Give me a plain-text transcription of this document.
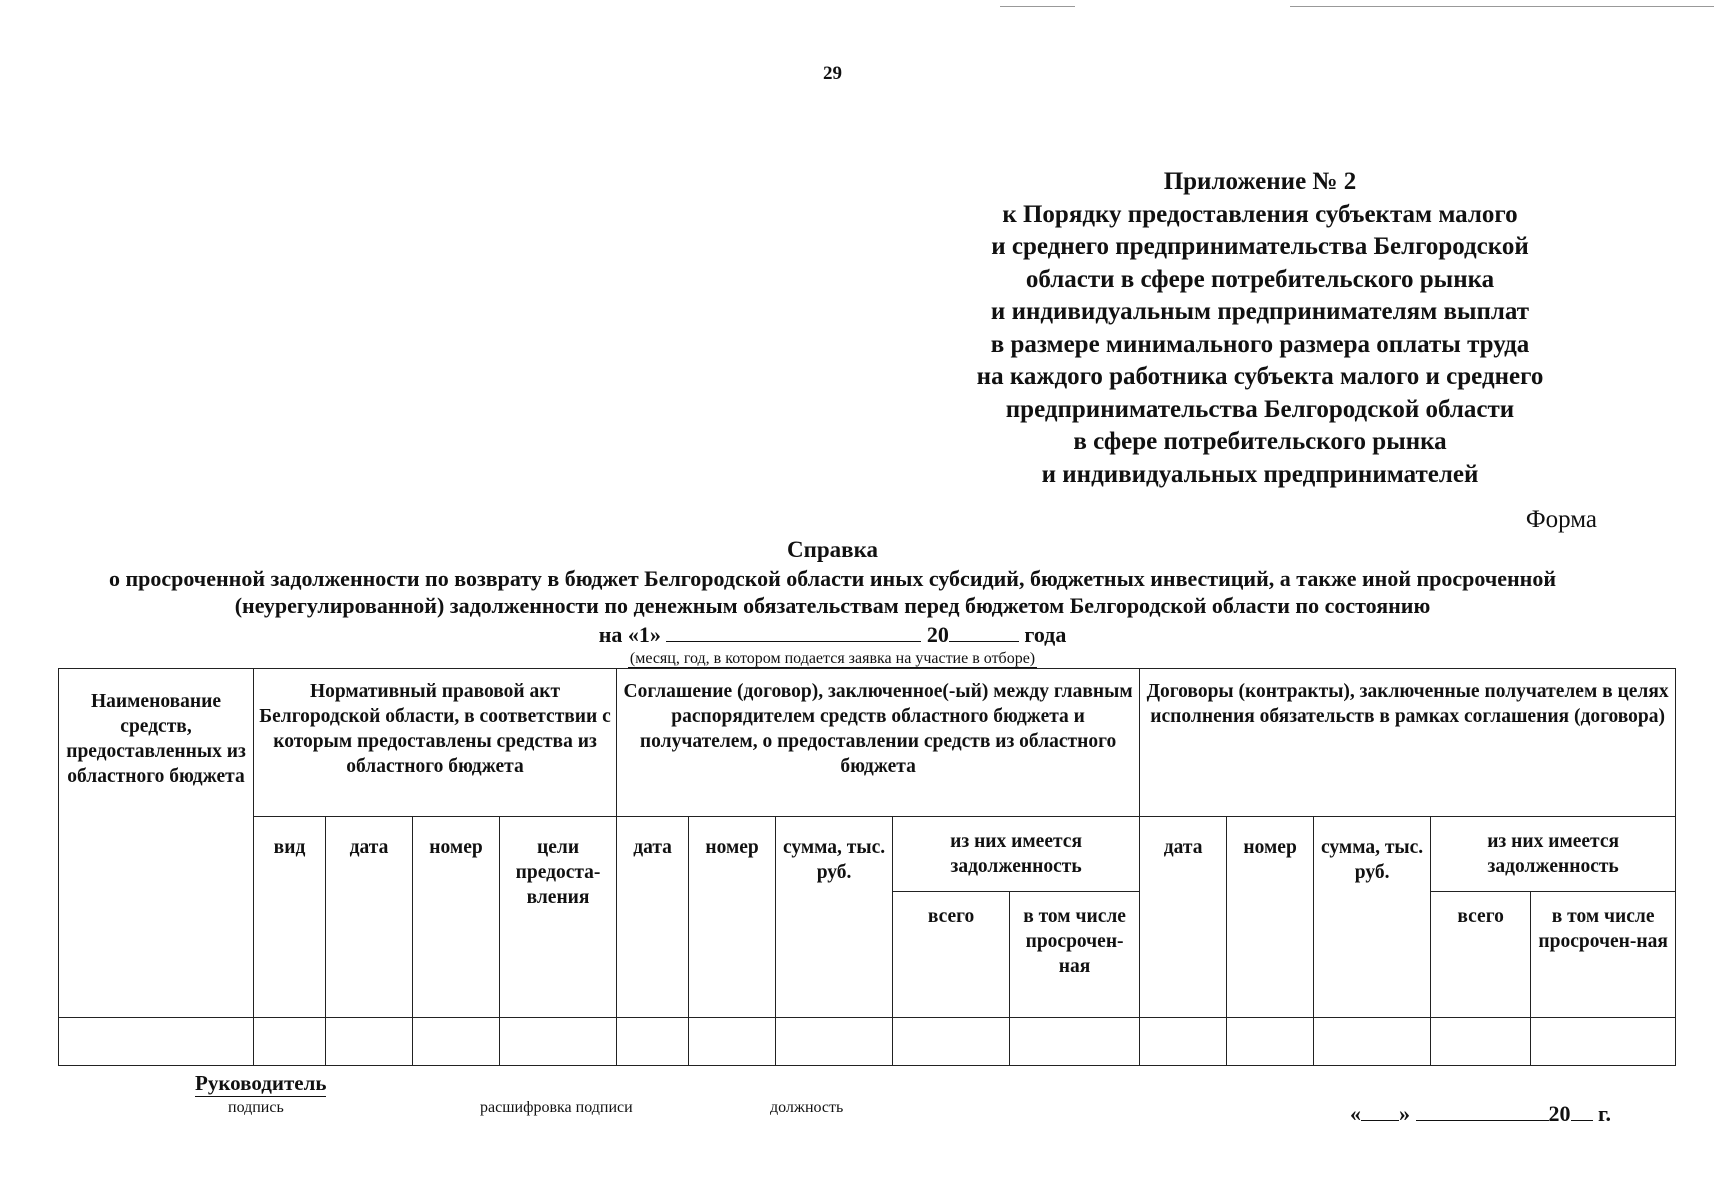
29
Приложение № 2
к Порядку предоставления субъектам малого
и среднего предпринимательства Белгородской
области в сфере потребительского рынка
и индивидуальным предпринимателям выплат
в размере минимального размера оплаты труда
на каждого работника субъекта малого и среднего
предпринимательства Белгородской области
в сфере потребительского рынка
и индивидуальных предпринимателей
Форма
Справка
о просроченной задолженности по возврату в бюджет Белгородской области иных субсидий, бюджетных инвестиций, а также иной просроченной (неурегулированной) задолженности по денежным обязательствам перед бюджетом Белгородской области по состоянию
на «1»	20	года
(месяц, год, в котором подается заявка на участие в отборе)
Наименование средств, предоставленных из областного бюджета	Нормативный правовой акт Белгородской области, в соответствии с которым предоставлены средства из областного бюджета				Соглашение (договор), заключенное(-ый) между главным распорядителем средств областного бюджета и получателем, о предоставлении средств из областного бюджета					Договоры (контракты), заключенные получателем в целях исполнения обязательств в рамках соглашения (договора)				
	вид	дата	номер	цели предоста-вления	дата	номер	сумма, тыс. руб.	из них имеется задолженность		дата	номер	сумма, тыс. руб.	из них имеется задолженность	
								всего	в том числе просрочен-ная				всего	в том числе просрочен-ная

Руководитель
подпись	расшифровка подписи	должность	« »	20 г.
